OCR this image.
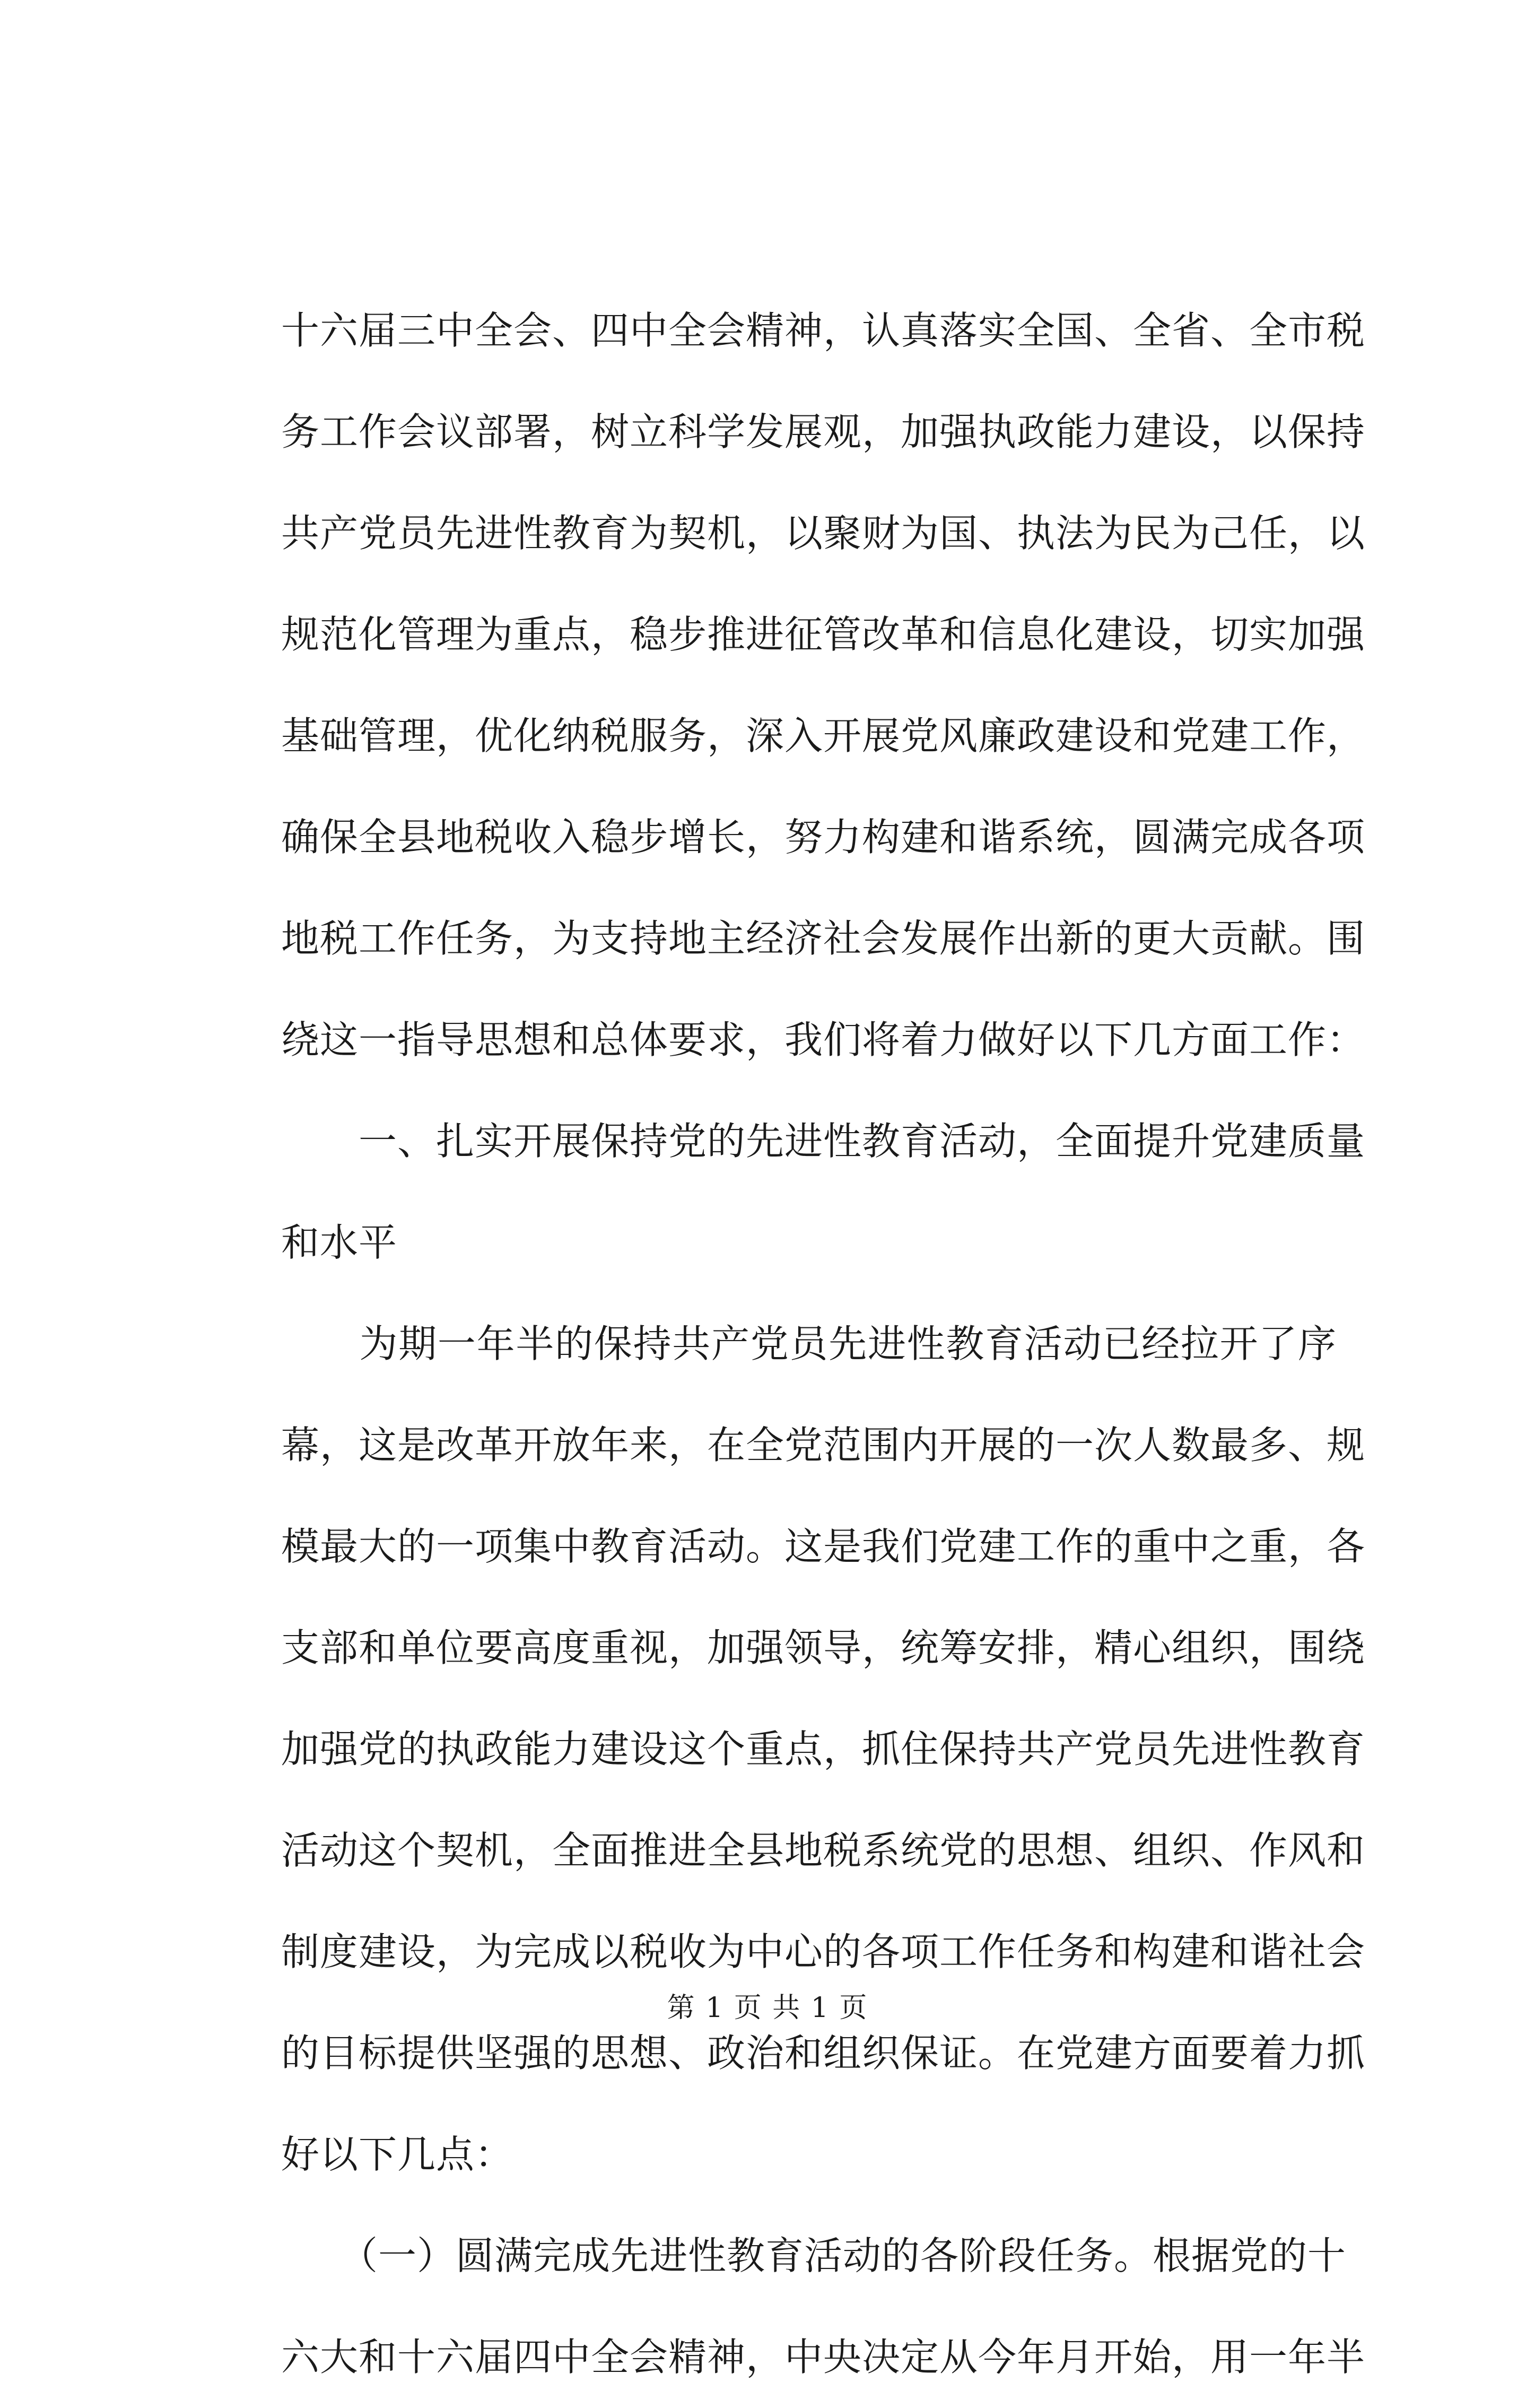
十六届三中全会、四中全会精神，认真落实全国、全省、全市税
务工作会议部署，树立科学发展观，加强执政能力建设，以保持
共产党员先进性教育为契机，以聚财为国、执法为民为己任，以
规范化管理为重点，稳步推进征管改革和信息化建设，切实加强
基础管理，优化纳税服务，深入开展党风廉政建设和党建工作，
确保全县地税收入稳步增长，努力构建和谐系统，圆满完成各项
地税工作任务，为支持地主经济社会发展作出新的更大贡献。围
绕这一指导思想和总体要求，我们将着力做好以下几方面工作：
　　一、扎实开展保持党的先进性教育活动，全面提升党建质量
和水平
　　为期一年半的保持共产党员先进性教育活动已经拉开了序
幕，这是改革开放年来，在全党范围内开展的一次人数最多、规
模最大的一项集中教育活动。这是我们党建工作的重中之重，各
支部和单位要高度重视，加强领导，统筹安排，精心组织，围绕
加强党的执政能力建设这个重点，抓住保持共产党员先进性教育
活动这个契机，全面推进全县地税系统党的思想、组织、作风和
制度建设，为完成以税收为中心的各项工作任务和构建和谐社会
的目标提供坚强的思想、政治和组织保证。在党建方面要着力抓
好以下几点：
　　（一）圆满完成先进性教育活动的各阶段任务。根据党的十
六大和十六届四中全会精神，中央决定从今年月开始，用一年半
第 1 页 共 1 页
